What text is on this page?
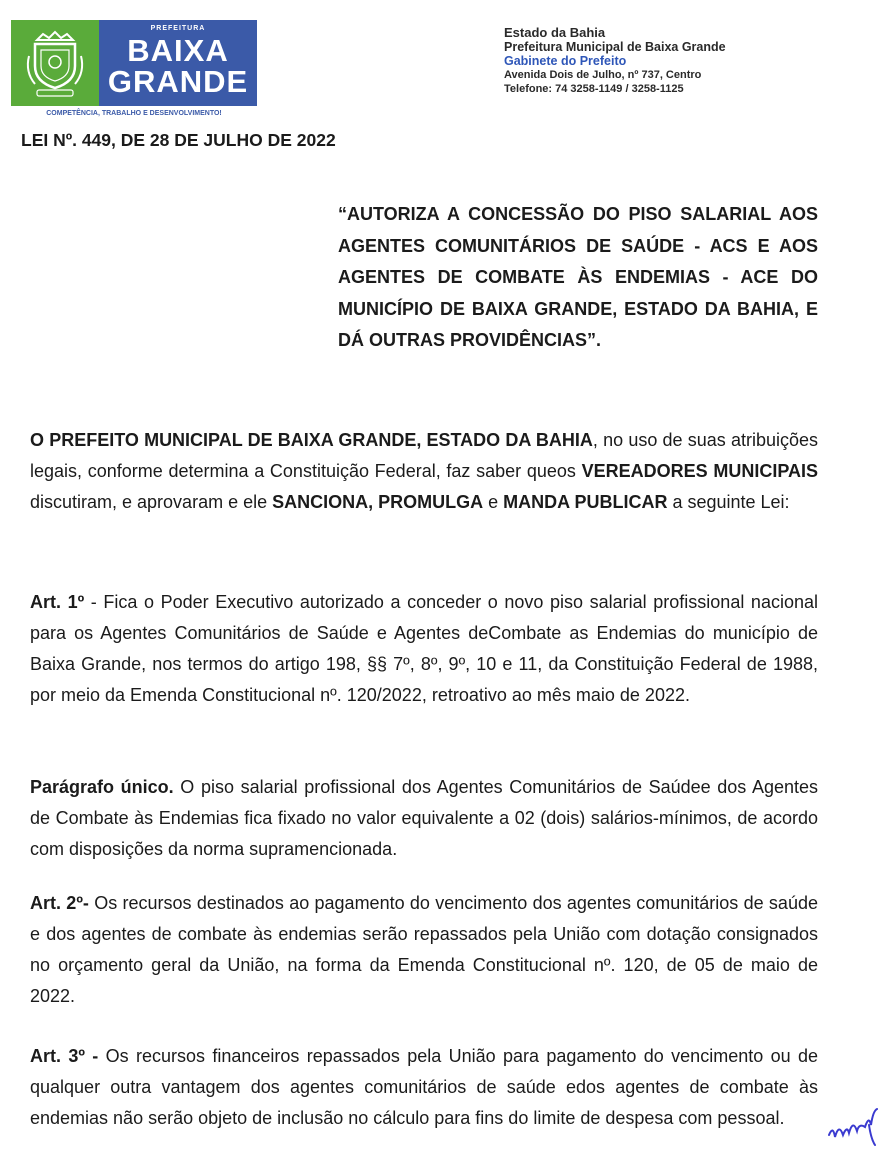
PREFEITURA
BAIXA
GRANDE
COMPETÊNCIA, TRABALHO E DESENVOLVIMENTO!
Estado da Bahia
Prefeitura Municipal de Baixa Grande
Gabinete do Prefeito
Avenida Dois de Julho, nº 737, Centro
Telefone: 74 3258-1149 / 3258-1125
LEI Nº. 449, DE 28 DE JULHO DE 2022
“AUTORIZA A CONCESSÃO DO PISO SALARIAL AOS AGENTES COMUNITÁRIOS DE SAÚDE - ACS E AOS AGENTES DE COMBATE ÀS ENDEMIAS - ACE DO MUNICÍPIO DE BAIXA GRANDE, ESTADO DA BAHIA, E DÁ OUTRAS PROVIDÊNCIAS”.
O PREFEITO MUNICIPAL DE BAIXA GRANDE, ESTADO DA BAHIA, no uso de suas atribuições legais, conforme determina a Constituição Federal, faz saber queos VEREADORES MUNICIPAIS discutiram, e aprovaram e ele SANCIONA, PROMULGA e MANDA PUBLICAR a seguinte Lei:
Art. 1º - Fica o Poder Executivo autorizado a conceder o novo piso salarial profissional nacional para os Agentes Comunitários de Saúde e Agentes deCombate as Endemias do município de Baixa Grande, nos termos do artigo 198, §§ 7º, 8º, 9º, 10 e 11, da Constituição Federal de 1988, por meio da Emenda Constitucional nº. 120/2022, retroativo ao mês maio de 2022.
Parágrafo único. O piso salarial profissional dos Agentes Comunitários de Saúdee dos Agentes de Combate às Endemias fica fixado no valor equivalente a 02 (dois) salários-mínimos, de acordo com disposições da norma supramencionada.
Art. 2º- Os recursos destinados ao pagamento do vencimento dos agentes comunitários de saúde e dos agentes de combate às endemias serão repassados pela União com dotação consignados no orçamento geral da União, na forma da Emenda Constitucional nº. 120, de 05 de maio de 2022.
Art. 3º - Os recursos financeiros repassados pela União para pagamento do vencimento ou de qualquer outra vantagem dos agentes comunitários de saúde edos agentes de combate às endemias não serão objeto de inclusão no cálculo para fins do limite de despesa com pessoal.
